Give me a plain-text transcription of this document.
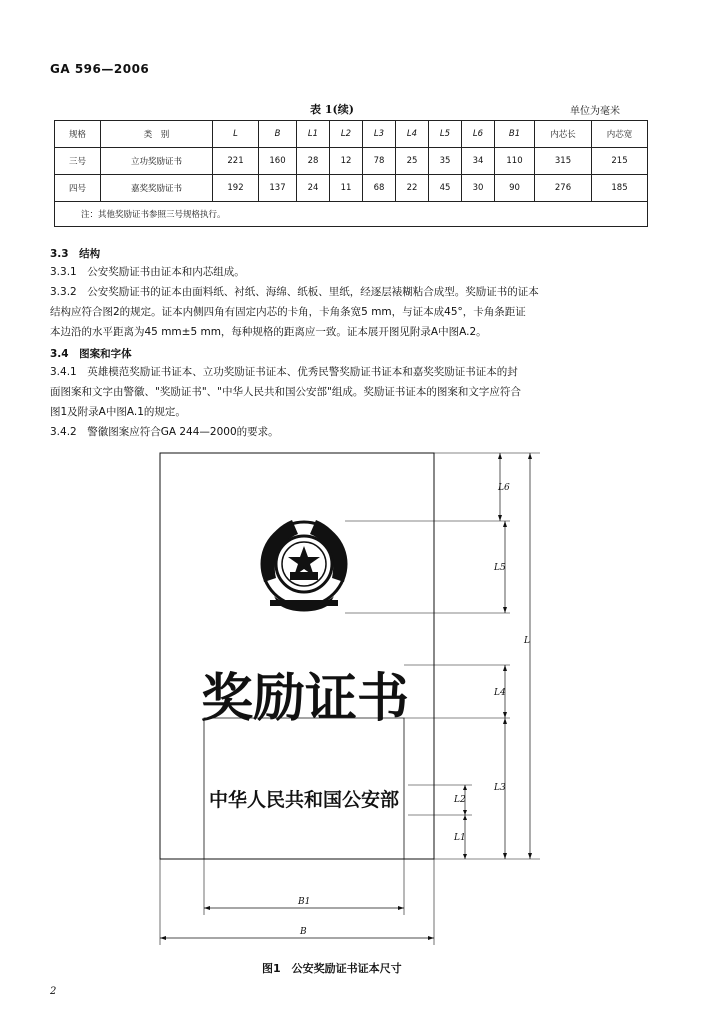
GA 596—2006
表 1(续)	单位为毫米
规格	类　别	L	B	L1	L2	L3	L4	L5	L6	B1	内芯长	内芯宽
三号	立功奖励证书	221	160	28	12	78	25	35	34	110	315	215
四号	嘉奖奖励证书	192	137	24	11	68	22	45	30	90	276	185
注：其他奖励证书参照三号规格执行。												
3.3　结构
3.3.1　公安奖励证书由证本和内芯组成。
3.3.2　公安奖励证书的证本由面料纸、衬纸、海绵、纸板、里纸，经逐层裱糊粘合成型。奖励证书的证本
结构应符合图2的规定。证本内侧四角有固定内芯的卡角，卡角条宽5 mm，与证本成45°，卡角条距证
本边沿的水平距离为45 mm±5 mm，每种规格的距离应一致。证本展开图见附录A中图A.2。
3.4　图案和字体
3.4.1　英雄模范奖励证书证本、立功奖励证书证本、优秀民警奖励证书证本和嘉奖奖励证书证本的封
面图案和文字由警徽、"奖励证书"、"中华人民共和国公安部"组成。奖励证书证本的图案和文字应符合
图1及附录A中图A.1的规定。
3.4.2　警徽图案应符合GA 244—2000的要求。
奖励证书
中华人民共和国公安部
L6
L5
L
L4
L3
L2
L1
B1
B
图1　公安奖励证书证本尺寸
2
